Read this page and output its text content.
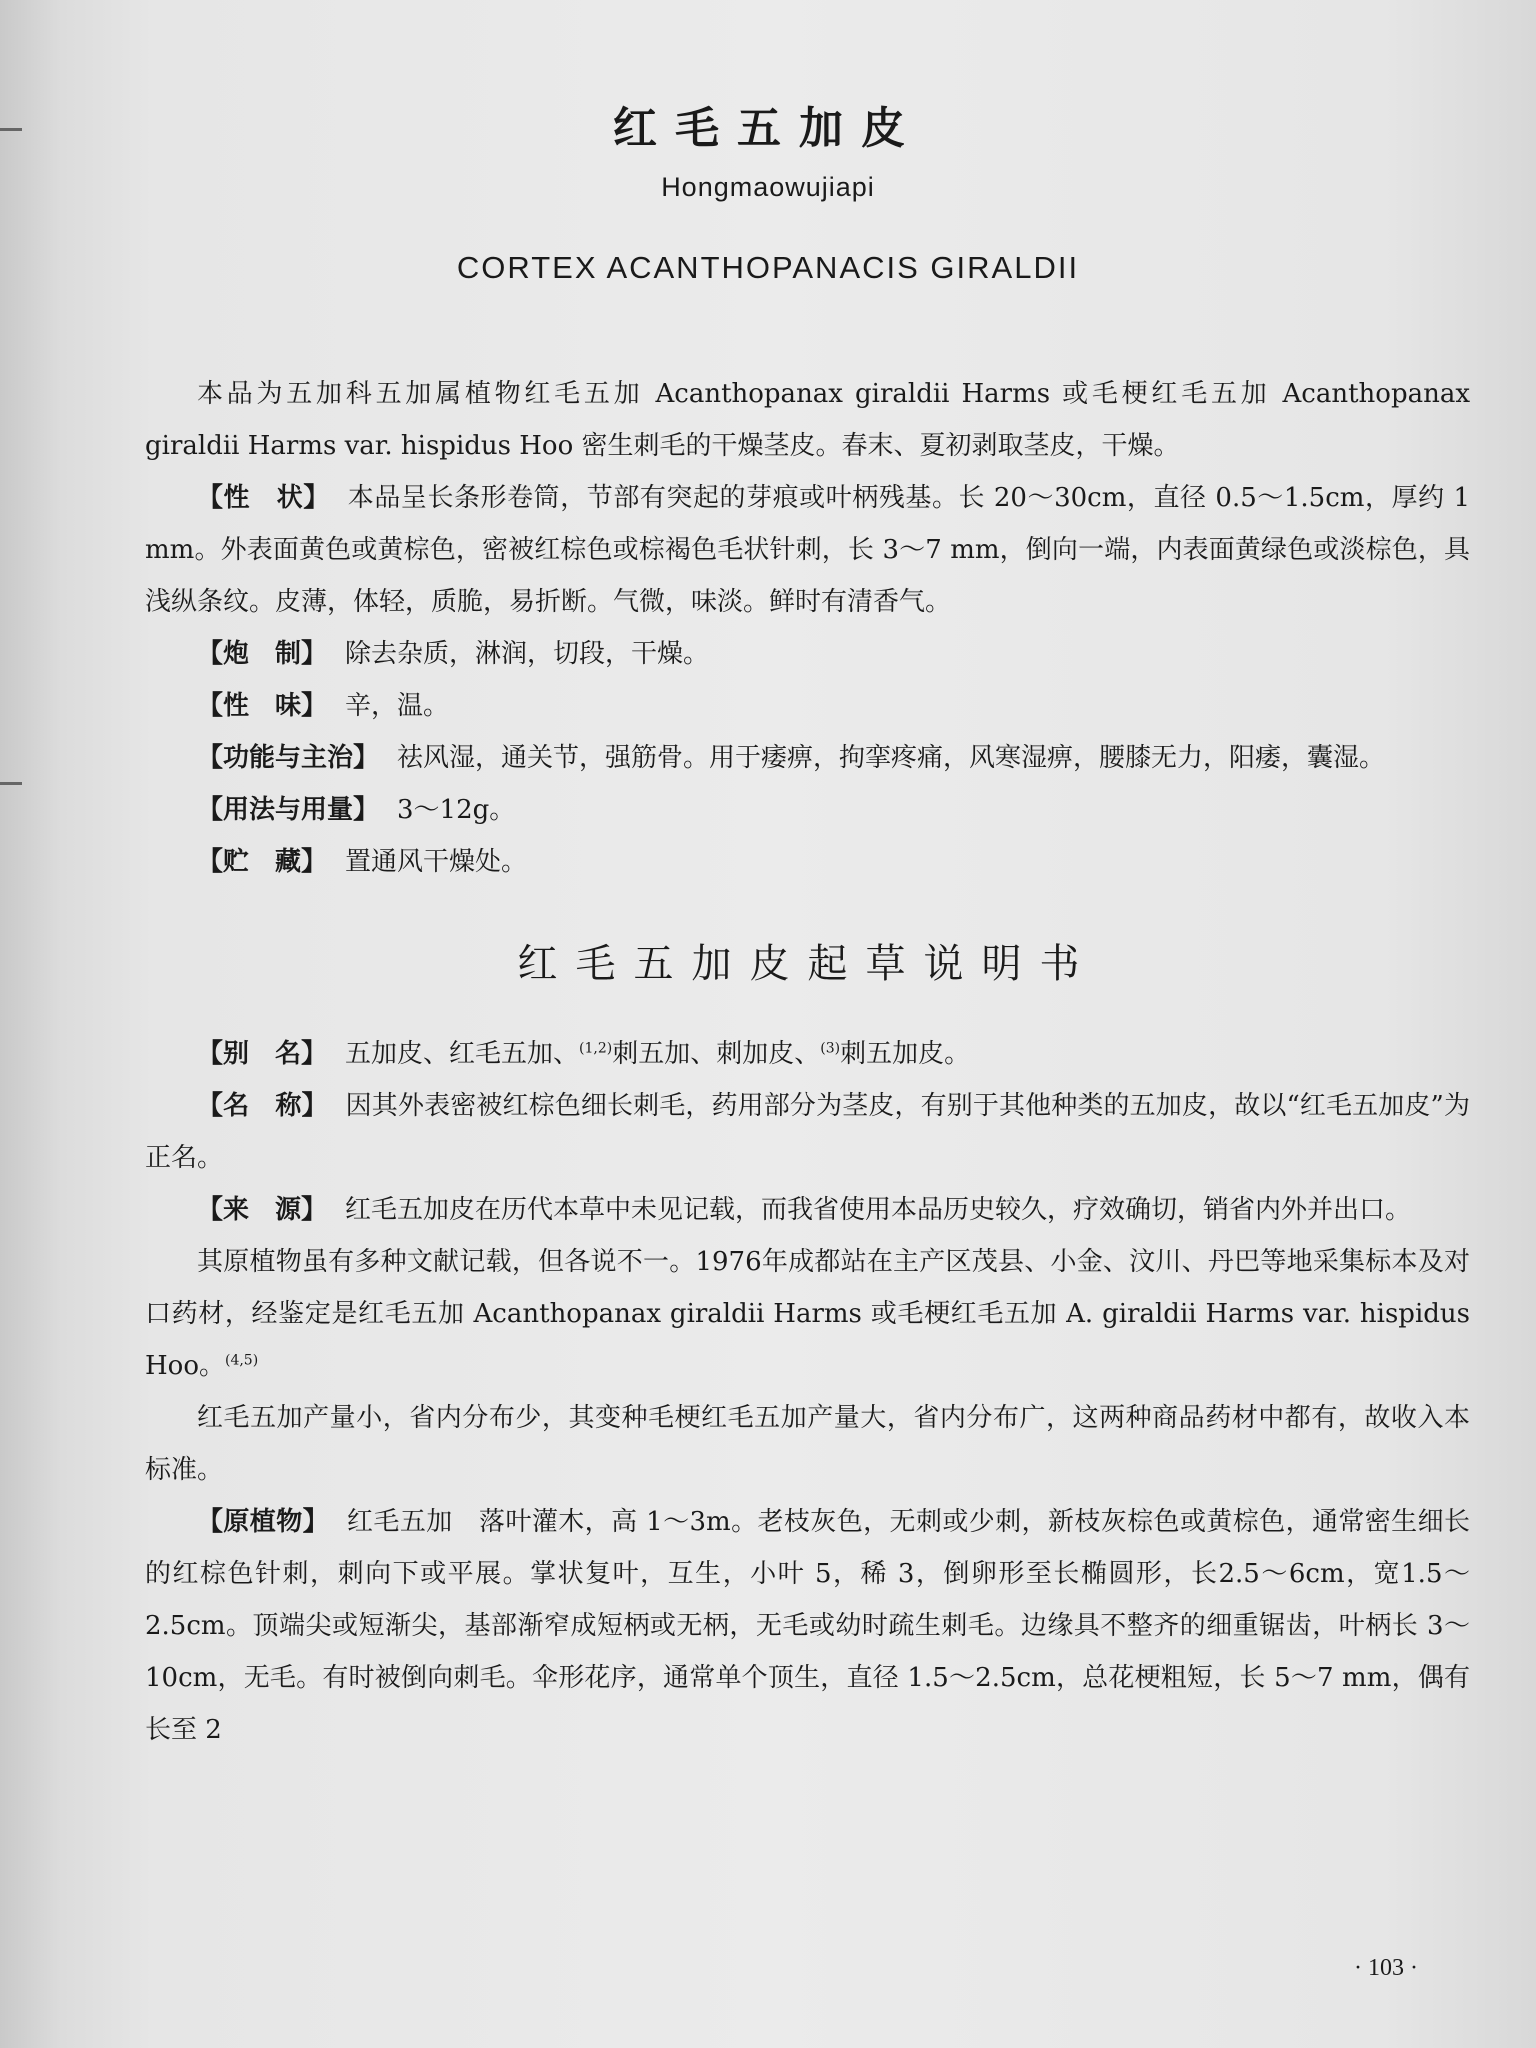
红毛五加皮
Hongmaowujiapi
CORTEX ACANTHOPANACIS GIRALDII

本品为五加科五加属植物红毛五加 Acanthopanax giraldii Harms 或毛梗红毛五加 Acanthopanax giraldii Harms var. hispidus Hoo 密生刺毛的干燥茎皮。春末、夏初剥取茎皮，干燥。

【性　状】 本品呈长条形卷筒，节部有突起的芽痕或叶柄残基。长 20～30cm，直径 0.5～1.5cm，厚约 1 mm。外表面黄色或黄棕色，密被红棕色或棕褐色毛状针刺，长 3～7 mm，倒向一端，内表面黄绿色或淡棕色，具浅纵条纹。皮薄，体轻，质脆，易折断。气微，味淡。鲜时有清香气。

【炮　制】 除去杂质，淋润，切段，干燥。

【性　味】 辛，温。

【功能与主治】 祛风湿，通关节，强筋骨。用于痿痹，拘挛疼痛，风寒湿痹，腰膝无力，阳痿，囊湿。

【用法与用量】 3～12g。

【贮　藏】 置通风干燥处。

红毛五加皮起草说明书

【别　名】 五加皮、红毛五加、$^{(1,2)}$刺五加、刺加皮、$^{(3)}$刺五加皮。

【名　称】 因其外表密被红棕色细长刺毛，药用部分为茎皮，有别于其他种类的五加皮，故以“红毛五加皮”为正名。

【来　源】 红毛五加皮在历代本草中未见记载，而我省使用本品历史较久，疗效确切，销省内外并出口。

其原植物虽有多种文献记载，但各说不一。1976年成都站在主产区茂县、小金、汶川、丹巴等地采集标本及对口药材，经鉴定是红毛五加 Acanthopanax giraldii Harms 或毛梗红毛五加 A. giraldii Harms var. hispidus Hoo。$^{(4,5)}$

红毛五加产量小，省内分布少，其变种毛梗红毛五加产量大，省内分布广，这两种商品药材中都有，故收入本标准。

【原植物】 红毛五加　落叶灌木，高 1～3m。老枝灰色，无刺或少刺，新枝灰棕色或黄棕色，通常密生细长的红棕色针刺，刺向下或平展。掌状复叶，互生，小叶 5，稀 3，倒卵形至长椭圆形，长2.5～6cm，宽1.5～2.5cm。顶端尖或短渐尖，基部渐窄成短柄或无柄，无毛或幼时疏生刺毛。边缘具不整齐的细重锯齿，叶柄长 3～10cm，无毛。有时被倒向刺毛。伞形花序，通常单个顶生，直径 1.5～2.5cm，总花梗粗短，长 5～7 mm，偶有长至 2

· 103 ·
